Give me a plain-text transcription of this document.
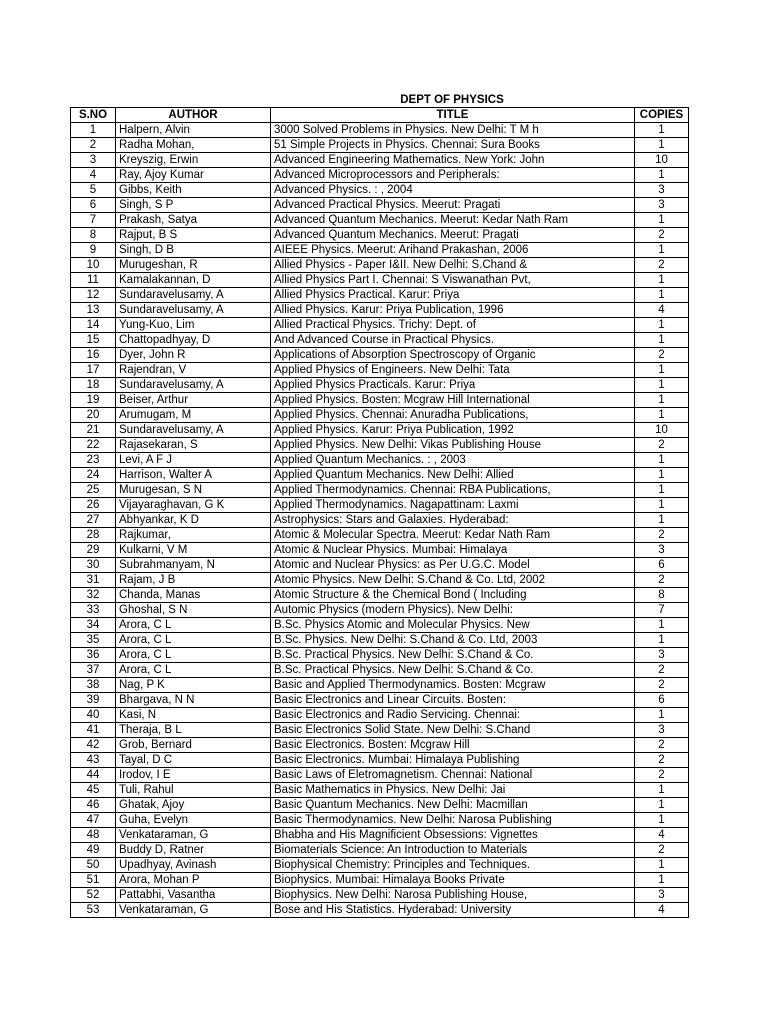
DEPT OF PHYSICS
S.NO	AUTHOR	TITLE	COPIES
1	Halpern, Alvin	3000 Solved Problems in Physics. New Delhi: T M h	1
2	Radha Mohan,	51 Simple Projects in Physics. Chennai: Sura Books	1
3	Kreyszig, Erwin	Advanced Engineering Mathematics. New York: John	10
4	Ray, Ajoy Kumar	Advanced Microprocessors and Peripherals:	1
5	Gibbs, Keith	Advanced Physics. : , 2004	3
6	Singh, S P	Advanced Practical Physics. Meerut: Pragati	3
7	Prakash, Satya	Advanced Quantum Mechanics. Meerut: Kedar Nath Ram	1
8	Rajput, B S	Advanced Quantum Mechanics. Meerut: Pragati	2
9	Singh, D B	AIEEE Physics. Meerut: Arihand Prakashan, 2006	1
10	Murugeshan, R	Allied Physics - Paper I&II. New Delhi: S.Chand &	2
11	Kamalakannan, D	Allied Physics Part I. Chennai: S Viswanathan Pvt,	1
12	Sundaravelusamy, A	Allied Physics Practical. Karur: Priya	1
13	Sundaravelusamy, A	Allied Physics. Karur: Priya Publication, 1996	4
14	Yung-Kuo, Lim	Allied Practical Physics. Trichy: Dept. of	1
15	Chattopadhyay, D	And Advanced Course in Practical Physics.	1
16	Dyer, John R	Applications of Absorption Spectroscopy of Organic	2
17	Rajendran, V	Applied Physics of Engineers. New Delhi: Tata	1
18	Sundaravelusamy, A	Applied Physics Practicals. Karur: Priya	1
19	Beiser, Arthur	Applied Physics. Bosten: Mcgraw Hill International	1
20	Arumugam, M	Applied Physics. Chennai: Anuradha Publications,	1
21	Sundaravelusamy, A	Applied Physics. Karur: Priya Publication, 1992	10
22	Rajasekaran, S	Applied Physics. New Delhi: Vikas Publishing House	2
23	Levi, A F J	Applied Quantum Mechanics. : , 2003	1
24	Harrison, Walter A	Applied Quantum Mechanics. New Delhi: Allied	1
25	Murugesan, S N	Applied Thermodynamics. Chennai: RBA Publications,	1
26	Vijayaraghavan, G K	Applied Thermodynamics. Nagapattinam: Laxmi	1
27	Abhyankar, K D	Astrophysics: Stars and Galaxies. Hyderabad:	1
28	Rajkumar,	Atomic & Molecular Spectra. Meerut: Kedar Nath Ram	2
29	Kulkarni, V M	Atomic & Nuclear Physics. Mumbai: Himalaya	3
30	Subrahmanyam, N	Atomic and Nuclear Physics: as Per U.G.C. Model	6
31	Rajam, J B	Atomic Physics. New Delhi: S.Chand & Co. Ltd, 2002	2
32	Chanda, Manas	Atomic Structure & the Chemical Bond ( Including	8
33	Ghoshal, S N	Automic Physics (modern Physics). New Delhi:	7
34	Arora, C L	B.Sc. Physics Atomic and Molecular Physics. New	1
35	Arora, C L	B.Sc. Physics. New Delhi: S.Chand & Co. Ltd, 2003	1
36	Arora, C L	B.Sc. Practical Physics. New Delhi: S.Chand & Co.	3
37	Arora, C L	B.Sc. Practical Physics. New Delhi: S.Chand & Co.	2
38	Nag, P K	Basic and Applied Thermodynamics. Bosten: Mcgraw	2
39	Bhargava, N N	Basic Electronics and Linear Circuits. Bosten:	6
40	Kasi, N	Basic Electronics and Radio Servicing. Chennai:	1
41	Theraja, B L	Basic Electronics Solid State. New Delhi: S.Chand	3
42	Grob, Bernard	Basic Electronics. Bosten: Mcgraw Hill	2
43	Tayal, D C	Basic Electronics. Mumbai: Himalaya Publishing	2
44	Irodov, I E	Basic Laws of Eletromagnetism. Chennai: National	2
45	Tuli, Rahul	Basic Mathematics in Physics. New Delhi: Jai	1
46	Ghatak, Ajoy	Basic Quantum Mechanics. New Delhi: Macmillan	1
47	Guha, Evelyn	Basic Thermodynamics. New Delhi: Narosa Publishing	1
48	Venkataraman, G	Bhabha and His Magnificient Obsessions: Vignettes	4
49	Buddy D, Ratner	Biomaterials Science: An Introduction to Materials	2
50	Upadhyay, Avinash	Biophysical Chemistry: Principles and Techniques.	1
51	Arora, Mohan P	Biophysics. Mumbai: Himalaya Books Private	1
52	Pattabhi, Vasantha	Biophysics. New Delhi: Narosa Publishing House,	3
53	Venkataraman, G	Bose and His Statistics. Hyderabad: University	4
